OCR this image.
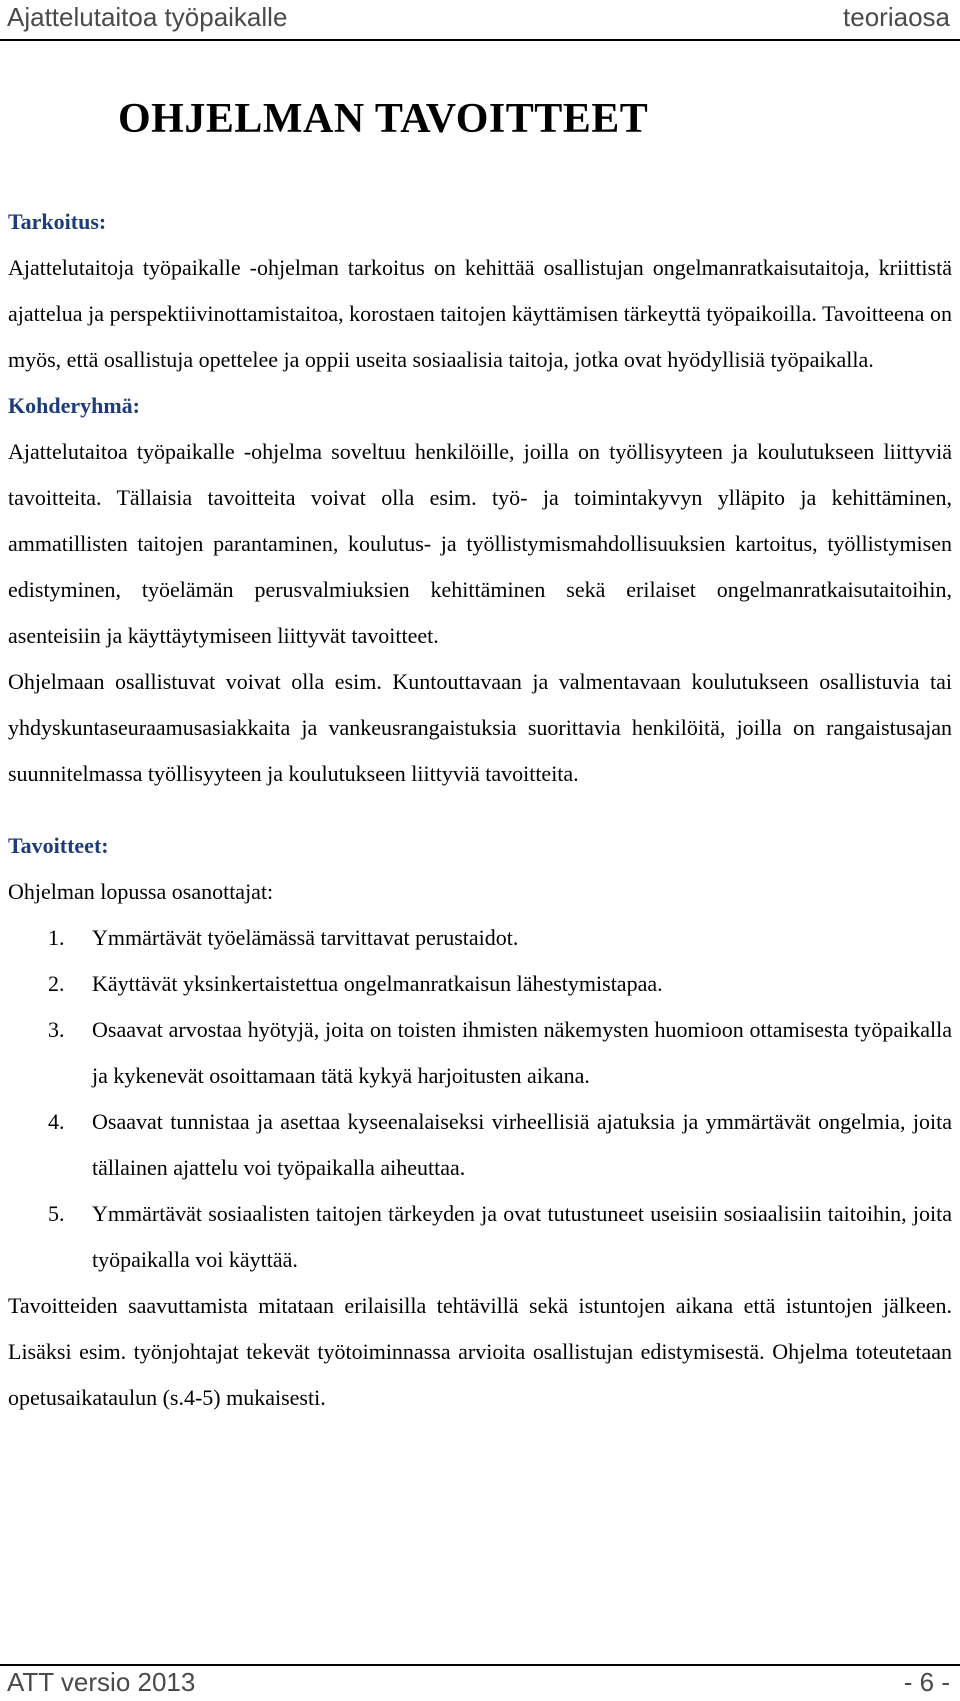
Ajattelutaitoa työpaikalle	teoriaosa
OHJELMAN TAVOITTEET
Tarkoitus:
Ajattelutaitoja työpaikalle -ohjelman tarkoitus on kehittää osallistujan ongelmanratkaisutaitoja, kriittistä ajattelua ja perspektiivinottamistaitoa, korostaen taitojen käyttämisen tärkeyttä työpaikoilla. Tavoitteena on myös, että osallistuja opettelee ja oppii useita sosiaalisia taitoja, jotka ovat hyödyllisiä työpaikalla.
Kohderyhmä:
Ajattelutaitoa työpaikalle -ohjelma soveltuu henkilöille, joilla on työllisyyteen ja koulutukseen liittyviä tavoitteita. Tällaisia tavoitteita voivat olla esim. työ- ja toimintakyvyn ylläpito ja kehittäminen, ammatillisten taitojen parantaminen, koulutus- ja työllistymismahdollisuuksien kartoitus, työllistymisen edistyminen, työelämän perusvalmiuksien kehittäminen sekä erilaiset ongelmanratkaisutaitoihin, asenteisiin ja käyttäytymiseen liittyvät tavoitteet.
Ohjelmaan osallistuvat voivat olla esim. Kuntouttavaan ja valmentavaan koulutukseen osallistuvia tai yhdyskuntaseuraamusasiakkaita ja vankeusrangaistuksia suorittavia henkilöitä, joilla on rangaistusajan suunnitelmassa työllisyyteen ja koulutukseen liittyviä tavoitteita.
Tavoitteet:
Ohjelman lopussa osanottajat:
1.	Ymmärtävät työelämässä tarvittavat perustaidot.
2.	Käyttävät yksinkertaistettua ongelmanratkaisun lähestymistapaa.
3.	Osaavat arvostaa hyötyjä, joita on toisten ihmisten näkemysten huomioon ottamisesta työpaikalla ja kykenevät osoittamaan tätä kykyä harjoitusten aikana.
4.	Osaavat tunnistaa ja asettaa kyseenalaiseksi virheellisiä ajatuksia ja ymmärtävät ongelmia, joita tällainen ajattelu voi työpaikalla aiheuttaa.
5.	Ymmärtävät sosiaalisten taitojen tärkeyden ja ovat tutustuneet useisiin sosiaalisiin taitoihin, joita työpaikalla voi käyttää.
Tavoitteiden saavuttamista mitataan erilaisilla tehtävillä sekä istuntojen aikana että istuntojen jälkeen. Lisäksi esim. työnjohtajat tekevät työtoiminnassa arvioita osallistujan edistymisestä. Ohjelma toteutetaan opetusaikataulun (s.4-5) mukaisesti.
ATT versio 2013	- 6 -
